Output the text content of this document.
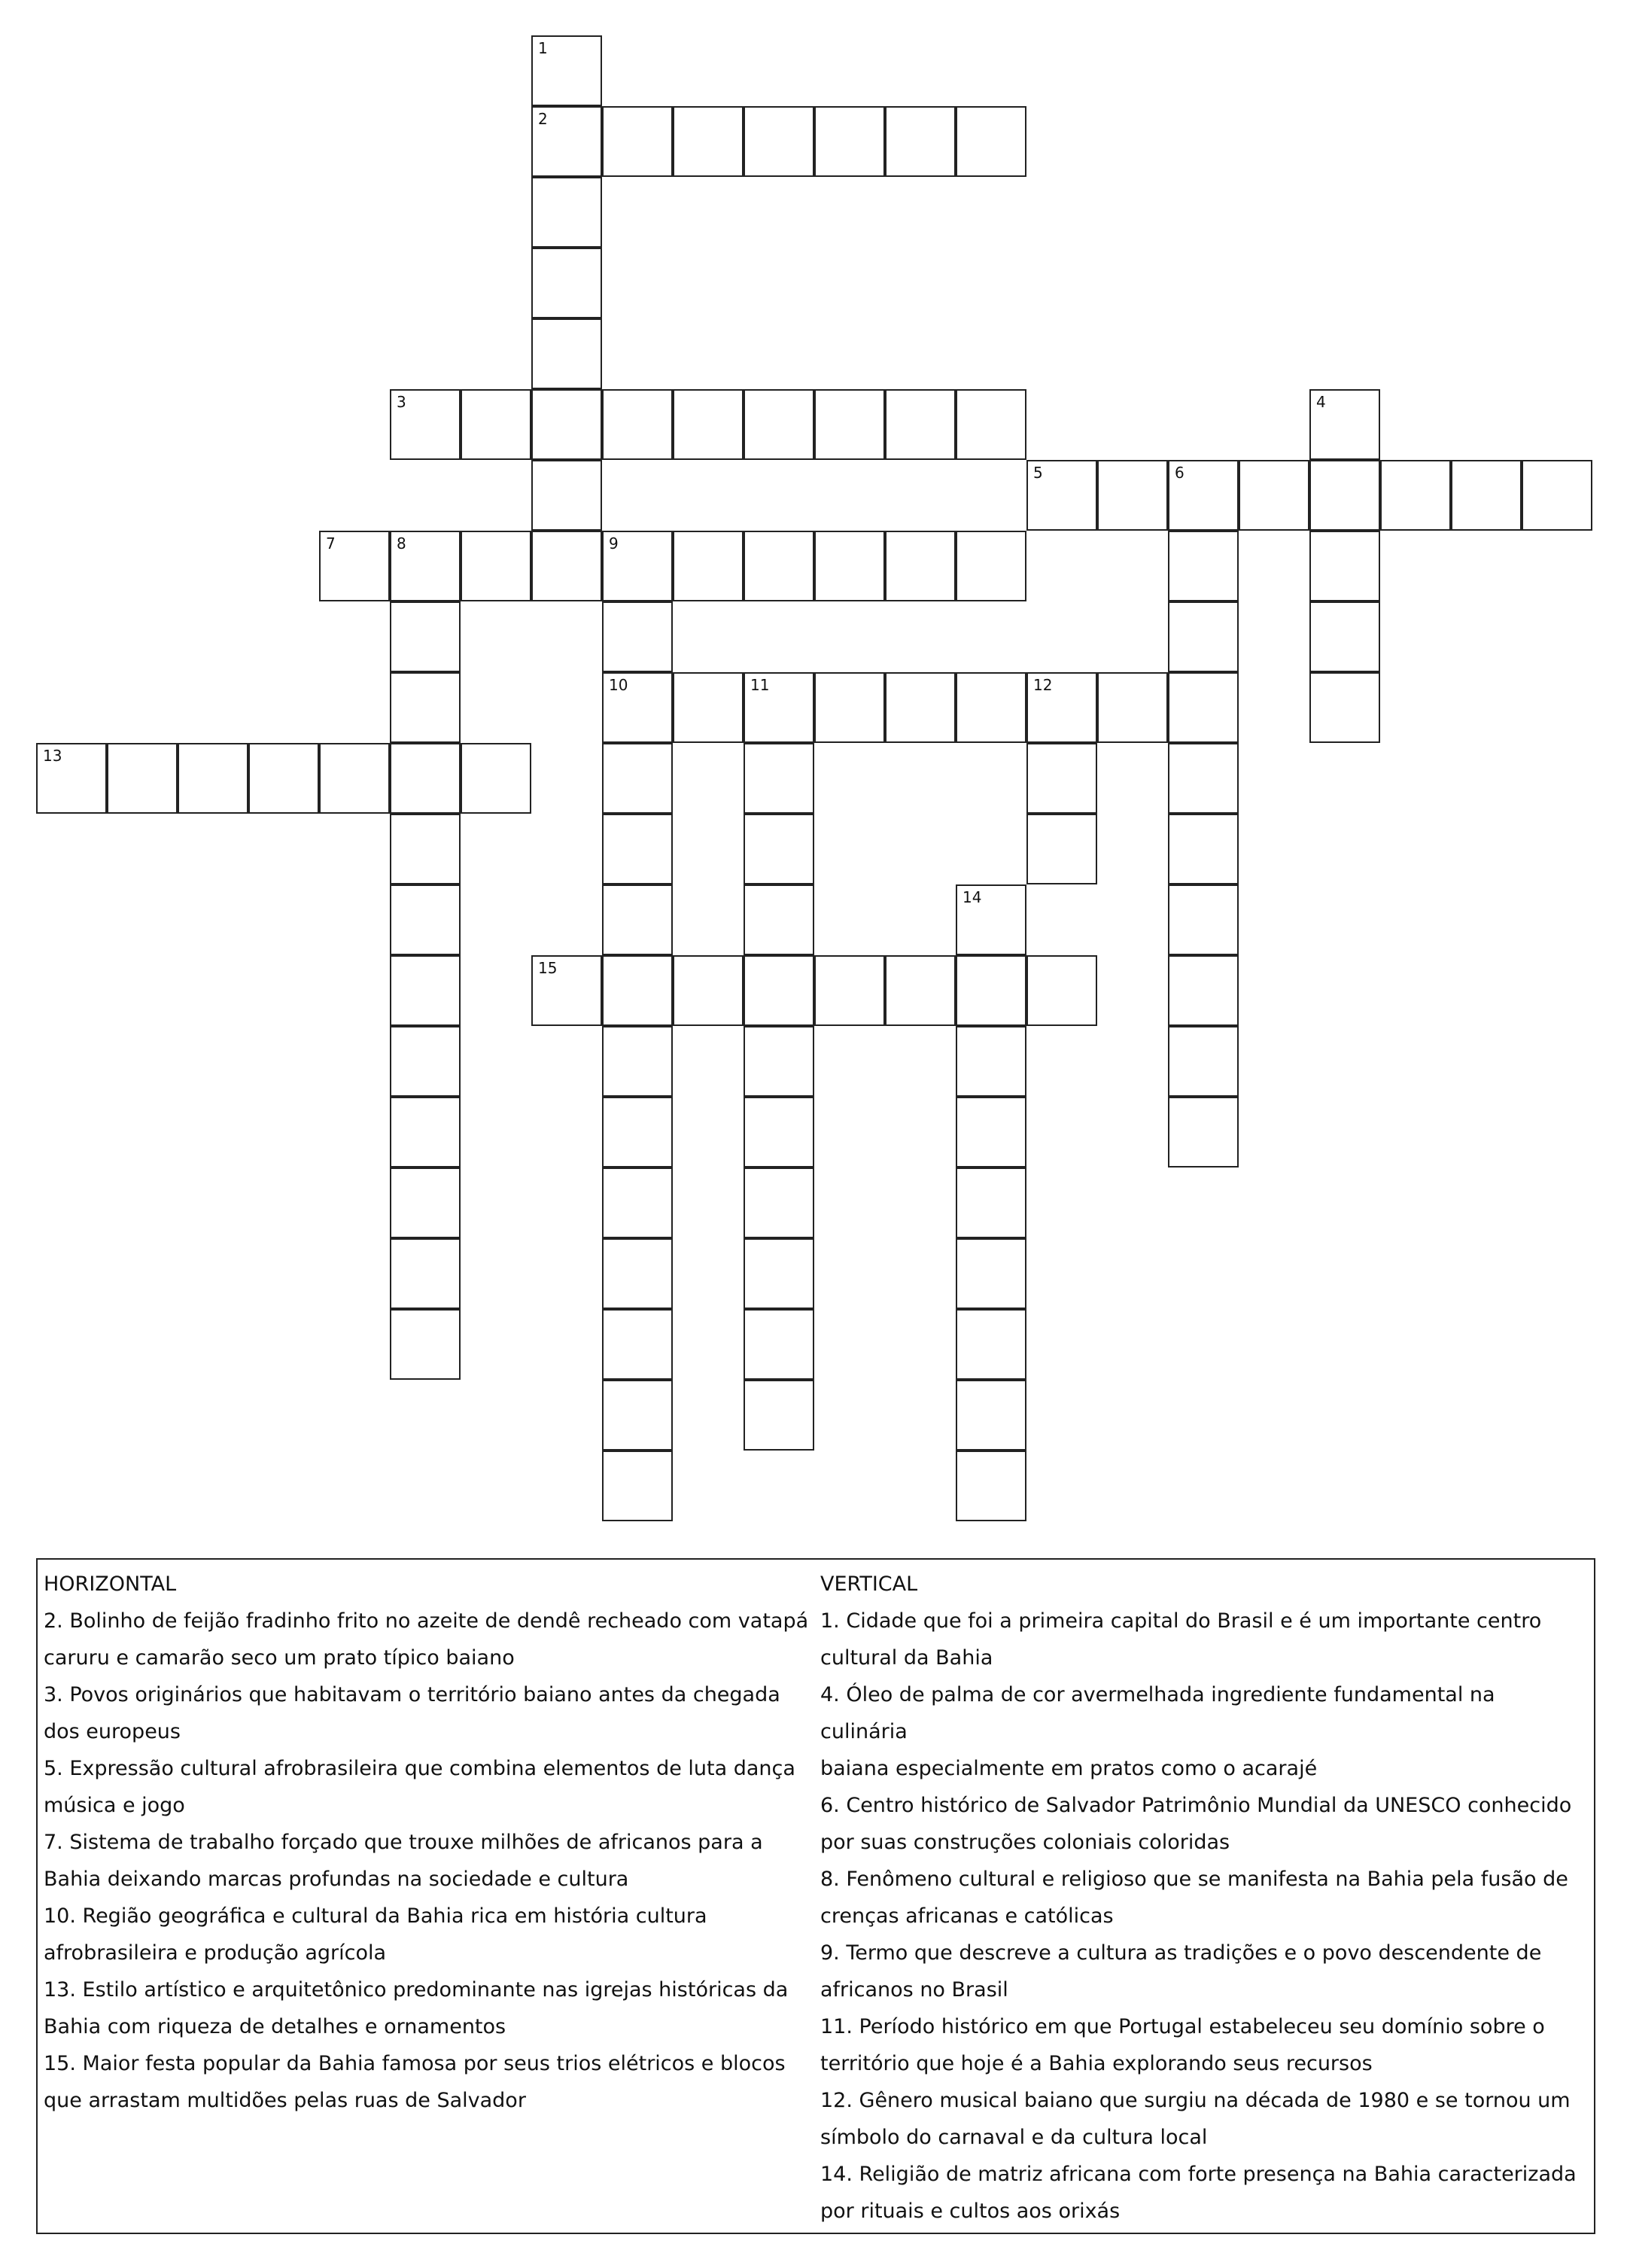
2
3
5	6
7	8	9
10	11	12
13
15
1
4
14
HORIZONTAL
2. Bolinho de feijão fradinho frito no azeite de dendê recheado com vatapá
caruru e camarão seco um prato típico baiano
3. Povos originários que habitavam o território baiano antes da chegada
dos europeus
5. Expressão cultural afrobrasileira que combina elementos de luta dança
música e jogo
7. Sistema de trabalho forçado que trouxe milhões de africanos para a
Bahia deixando marcas profundas na sociedade e cultura
10. Região geográfica e cultural da Bahia rica em história cultura
afrobrasileira e produção agrícola
13. Estilo artístico e arquitetônico predominante nas igrejas históricas da
Bahia com riqueza de detalhes e ornamentos
15. Maior festa popular da Bahia famosa por seus trios elétricos e blocos
que arrastam multidões pelas ruas de Salvador
VERTICAL
1. Cidade que foi a primeira capital do Brasil e é um importante centro
cultural da Bahia
4. Óleo de palma de cor avermelhada ingrediente fundamental na culinária
baiana especialmente em pratos como o acarajé
6. Centro histórico de Salvador Patrimônio Mundial da UNESCO conhecido
por suas construções coloniais coloridas
8. Fenômeno cultural e religioso que se manifesta na Bahia pela fusão de
crenças africanas e católicas
9. Termo que descreve a cultura as tradições e o povo descendente de
africanos no Brasil
11. Período histórico em que Portugal estabeleceu seu domínio sobre o
território que hoje é a Bahia explorando seus recursos
12. Gênero musical baiano que surgiu na década de 1980 e se tornou um
símbolo do carnaval e da cultura local
14. Religião de matriz africana com forte presença na Bahia caracterizada
por rituais e cultos aos orixás
